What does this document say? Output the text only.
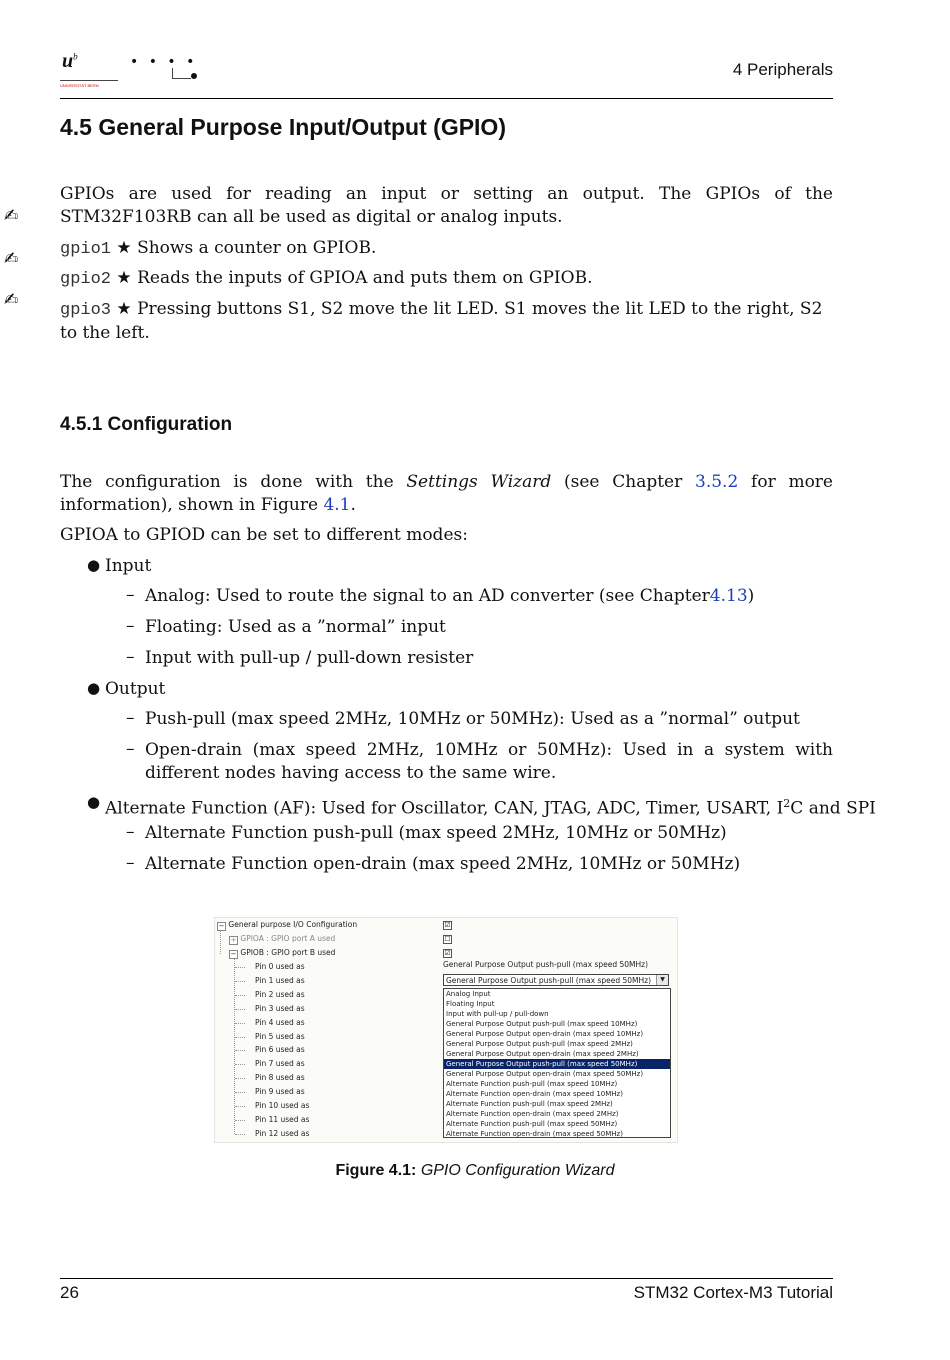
$u^b$
UNIVERSITÄT BERN
• • • •	4 Peripherals
4.5 General Purpose Input/Output (GPIO)

GPIOs are used for reading an input or setting an output. The GPIOs of the STM32F103RB can all be used as digital or analog inputs.

✍
✍
✍
gpio1 ★ Shows a counter on GPIOB.
gpio2 ★ Reads the inputs of GPIOA and puts them on GPIOB.
gpio3 ★ Pressing buttons S1, S2 move the lit LED. S1 moves the lit LED to the right, S2 to the left.
4.5.1 Configuration

The configuration is done with the Settings Wizard (see Chapter 3.5.2 for more information), shown in Figure 4.1.

GPIOA to GPIOD can be set to different modes:

● Input
– Analog: Used to route the signal to an AD converter (see Chapter4.13)
– Floating: Used as a ”normal” input
– Input with pull-up / pull-down resister
● Output
– Push-pull (max speed 2MHz, 10MHz or 50MHz): Used as a ”normal” output
– Open-drain (max speed 2MHz, 10MHz or 50MHz): Used in a system with different nodes having access to the same wire.
● Alternate Function (AF): Used for Oscillator, CAN, JTAG, ADC, Timer, USART, $I^2C$ and SPI
– Alternate Function push-pull (max speed 2MHz, 10MHz or 50MHz)
– Alternate Function open-drain (max speed 2MHz, 10MHz or 50MHz)
− General purpose I/O Configuration
+ GPIOA : GPIO port A used
− GPIOB : GPIO port B used
Pin 0 used as
Pin 1 used as
Pin 2 used as
Pin 3 used as
Pin 4 used as
Pin 5 used as
Pin 6 used as
Pin 7 used as
Pin 8 used as
Pin 9 used as
Pin 10 used as
Pin 11 used as
Pin 12 used as
☑
☐
☑
General Purpose Output push-pull (max speed 50MHz)
General Purpose Output push-pull (max speed 50MHz)	▼
Analog Input
Floating Input
Input with pull-up / pull-down
General Purpose Output push-pull (max speed 10MHz)
General Purpose Output open-drain (max speed 10MHz)
General Purpose Output push-pull (max speed 2MHz)
General Purpose Output open-drain (max speed 2MHz)
General Purpose Output push-pull (max speed 50MHz)
General Purpose Output open-drain (max speed 50MHz)
Alternate Function push-pull (max speed 10MHz)
Alternate Function open-drain (max speed 10MHz)
Alternate Function push-pull (max speed 2MHz)
Alternate Function open-drain (max speed 2MHz)
Alternate Function push-pull (max speed 50MHz)
Alternate Function open-drain (max speed 50MHz)
Figure 4.1: GPIO Configuration Wizard
26	STM32 Cortex-M3 Tutorial
